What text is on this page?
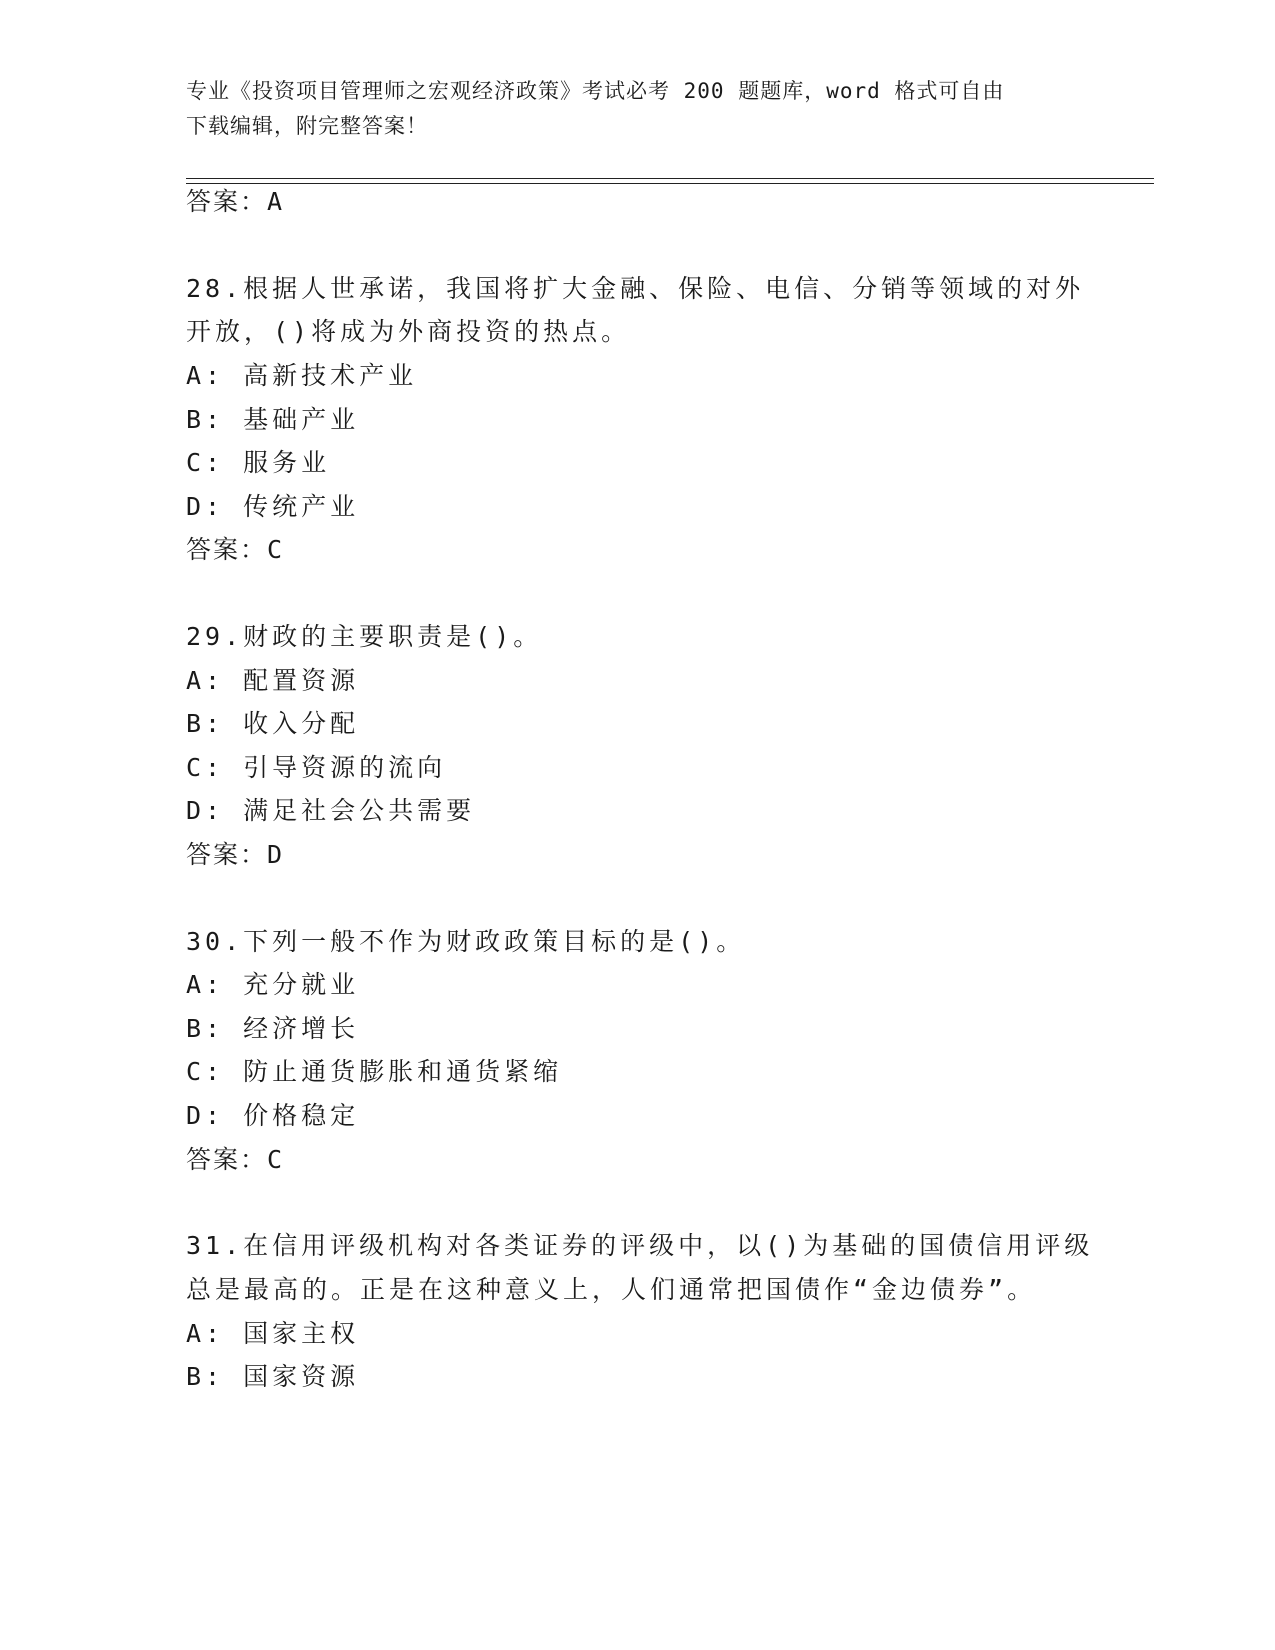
专业《投资项目管理师之宏观经济政策》考试必考 200 题题库，word 格式可自由
下载编辑，附完整答案！
答案：A
28.根据人世承诺，我国将扩大金融、保险、电信、分销等领域的对外
开放，()将成为外商投资的热点。
A: 高新技术产业
B: 基础产业
C: 服务业
D: 传统产业
答案：C
29.财政的主要职责是()。
A: 配置资源
B: 收入分配
C: 引导资源的流向
D: 满足社会公共需要
答案：D
30.下列一般不作为财政政策目标的是()。
A: 充分就业
B: 经济增长
C: 防止通货膨胀和通货紧缩
D: 价格稳定
答案：C
31.在信用评级机构对各类证券的评级中，以()为基础的国债信用评级
总是最高的。正是在这种意义上，人们通常把国债作“金边债券”。
A: 国家主权
B: 国家资源
